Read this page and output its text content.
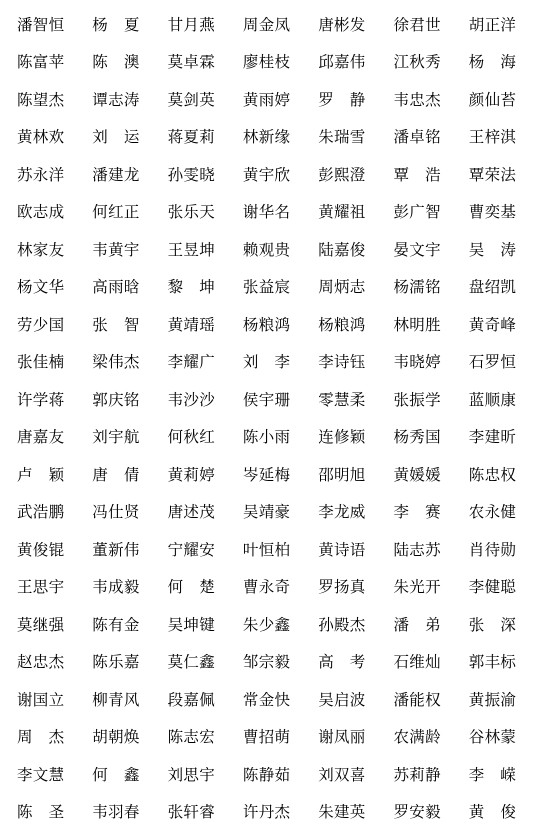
潘智恒	杨　夏	甘月燕	周金凤	唐彬发	徐君世	胡正洋
陈富苹	陈　澳	莫卓霖	廖桂枝	邱嘉伟	江秋秀	杨　海
陈望杰	谭志涛	莫剑英	黄雨婷	罗　静	韦忠杰	颜仙苔
黄林欢	刘　运	蒋夏莉	林新缘	朱瑞雪	潘卓铭	王梓淇
苏永洋	潘建龙	孙雯晓	黄宇欣	彭熙澄	覃　浩	覃荣法
欧志成	何红正	张乐天	谢华名	黄耀祖	彭广智	曹奕基
林家友	韦黄宇	王昱坤	赖观贵	陆嘉俊	晏文宇	吴　涛
杨文华	高雨晗	黎　坤	张益宸	周炳志	杨濡铭	盘绍凯
劳少国	张　智	黄靖瑶	杨粮鸿	杨粮鸿	林明胜	黄奇峰
张佳楠	梁伟杰	李耀广	刘　李	李诗钰	韦晓婷	石罗恒
许学蒋	郭庆铭	韦沙沙	侯宇珊	零慧柔	张振学	蓝顺康
唐嘉友	刘宇航	何秋红	陈小雨	连修颖	杨秀国	李建昕
卢　颖	唐　倩	黄莉婷	岑延梅	邵明旭	黄媛媛	陈忠权
武浩鹏	冯仕贤	唐述茂	吴靖豪	李龙威	李　赛	农永健
黄俊锟	董新伟	宁耀安	叶恒柏	黄诗语	陆志苏	肖待勋
王思宇	韦成毅	何　楚	曹永奇	罗扬真	朱光开	李健聪
莫继强	陈有金	吴坤键	朱少鑫	孙殿杰	潘　弟	张　深
赵忠杰	陈乐嘉	莫仁鑫	邹宗毅	高　考	石维灿	郭丰标
谢国立	柳青风	段嘉佩	常金快	吴启波	潘能权	黄振渝
周　杰	胡朝焕	陈志宏	曹招萌	谢凤丽	农满龄	谷林蒙
李文慧	何　鑫	刘思宇	陈静茹	刘双喜	苏莉静	李　嵘
陈　圣	韦羽春	张轩睿	许丹杰	朱建英	罗安毅	黄　俊
